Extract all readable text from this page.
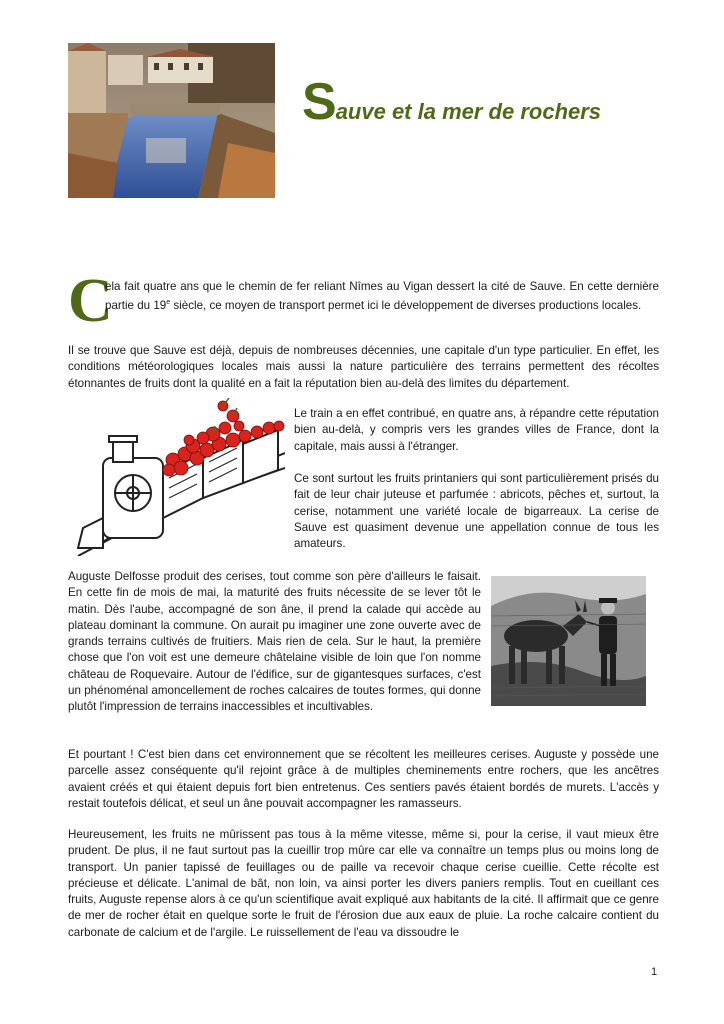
Sauve et la mer de rochers
C

ela fait quatre ans que le chemin de fer reliant Nîmes au Vigan dessert la cité de Sauve. En cette dernière partie du 19e siècle, ce moyen de transport permet ici le développement de diverses productions locales.

Il se trouve que Sauve est déjà, depuis de nombreuses décennies, une capitale d'un type particulier. En effet, les conditions météorologiques locales mais aussi la nature particulière des terrains permettent des récoltes étonnantes de fruits dont la qualité en a fait la réputation bien au-delà des limites du département.

Le train a en effet contribué, en quatre ans, à répandre cette réputation bien au-delà, y compris vers les grandes villes de France, dont la capitale, mais aussi à l'étranger.

Ce sont surtout les fruits printaniers qui sont particulièrement prisés du fait de leur chair juteuse et parfumée : abricots, pêches et, surtout, la cerise, notamment une variété locale de bigarreaux. La cerise de Sauve est quasiment devenue une appellation connue de tous les amateurs.

Auguste Delfosse produit des cerises, tout comme son père d'ailleurs le faisait. En cette fin de mois de mai, la maturité des fruits nécessite de se lever tôt le matin. Dès l'aube, accompagné de son âne, il prend la calade qui accède au plateau dominant la commune. On aurait pu imaginer une zone ouverte avec de grands terrains cultivés de fruitiers. Mais rien de cela. Sur le haut, la première chose que l'on voit est une demeure châtelaine visible de loin que l'on nomme château de Roquevaire. Autour de l'édifice, sur de gigantesques surfaces, c'est un phénoménal amoncellement de roches calcaires de toutes formes, qui donne plutôt l'impression de terrains inaccessibles et incultivables.

Et pourtant ! C'est bien dans cet environnement que se récoltent les meilleures cerises. Auguste y possède une parcelle assez conséquente qu'il rejoint grâce à de multiples cheminements entre rochers, que les ancêtres avaient créés et qui étaient depuis fort bien entretenus. Ces sentiers pavés étaient bordés de murets. L'accès y restait toutefois délicat, et seul un âne pouvait accompagner les ramasseurs.

Heureusement, les fruits ne mûrissent pas tous à la même vitesse, même si, pour la cerise, il vaut mieux être prudent. De plus, il ne faut surtout pas la cueillir trop mûre car elle va connaître un temps plus ou moins long de transport. Un panier tapissé de feuillages ou de paille va recevoir chaque cerise cueillie. Cette récolte est précieuse et délicate. L'animal de bât, non loin, va ainsi porter les divers paniers remplis. Tout en cueillant ces fruits, Auguste repense alors à ce qu'un scientifique avait expliqué aux habitants de la cité. Il affirmait que ce genre de mer de rocher était en quelque sorte le fruit de l'érosion due aux eaux de pluie. La roche calcaire contient du carbonate de calcium et de l'argile. Le ruissellement de l'eau va dissoudre le

1
